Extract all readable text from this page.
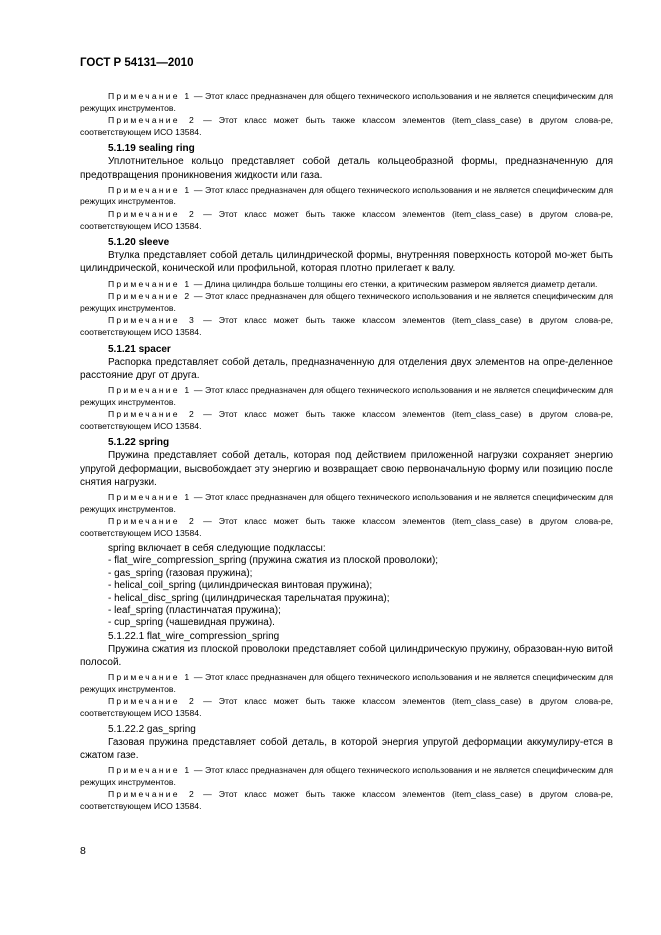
ГОСТ Р 54131—2010

Примечание 1 — Этот класс предназначен для общего технического использования и не является специфическим для режущих инструментов.

Примечание 2 — Этот класс может быть также классом элементов (item_class_case) в другом слова-ре, соответствующем ИСО 13584.

5.1.19 sealing ring

Уплотнительное кольцо представляет собой деталь кольцеобразной формы, предназначенную для предотвращения проникновения жидкости или газа.

Примечание 1 — Этот класс предназначен для общего технического использования и не является специфическим для режущих инструментов.

Примечание 2 — Этот класс может быть также классом элементов (item_class_case) в другом слова-ре, соответствующем ИСО 13584.

5.1.20 sleeve

Втулка представляет собой деталь цилиндрической формы, внутренняя поверхность которой мо-жет быть цилиндрической, конической или профильной, которая плотно прилегает к валу.

Примечание 1 — Длина цилиндра больше толщины его стенки, а критическим размером является диаметр детали.

Примечание 2 — Этот класс предназначен для общего технического использования и не является специфическим для режущих инструментов.

Примечание 3 — Этот класс может быть также классом элементов (item_class_case) в другом слова-ре, соответствующем ИСО 13584.

5.1.21 spacer

Распорка представляет собой деталь, предназначенную для отделения двух элементов на опре-деленное расстояние друг от друга.

Примечание 1 — Этот класс предназначен для общего технического использования и не является специфическим для режущих инструментов.

Примечание 2 — Этот класс может быть также классом элементов (item_class_case) в другом слова-ре, соответствующем ИСО 13584.

5.1.22 spring

Пружина представляет собой деталь, которая под действием приложенной нагрузки сохраняет энергию упругой деформации, высвобождает эту энергию и возвращает свою первоначальную форму или позицию после снятия нагрузки.

Примечание 1 — Этот класс предназначен для общего технического использования и не является специфическим для режущих инструментов.

Примечание 2 — Этот класс может быть также классом элементов (item_class_case) в другом слова-ре, соответствующем ИСО 13584.

spring включает в себя следующие подклассы:

- flat_wire_compression_spring (пружина сжатия из плоской проволоки);
- gas_spring (газовая пружина);
- helical_coil_spring (цилиндрическая винтовая пружина);
- helical_disc_spring (цилиндрическая тарельчатая пружина);
- leaf_spring (пластинчатая пружина);
- cup_spring (чашевидная пружина).

5.1.22.1 flat_wire_compression_spring

Пружина сжатия из плоской проволоки представляет собой цилиндрическую пружину, образован-ную витой полосой.

Примечание 1 — Этот класс предназначен для общего технического использования и не является специфическим для режущих инструментов.

Примечание 2 — Этот класс может быть также классом элементов (item_class_case) в другом слова-ре, соответствующем ИСО 13584.

5.1.22.2 gas_spring

Газовая пружина представляет собой деталь, в которой энергия упругой деформации аккумулиру-ется в сжатом газе.

Примечание 1 — Этот класс предназначен для общего технического использования и не является специфическим для режущих инструментов.

Примечание 2 — Этот класс может быть также классом элементов (item_class_case) в другом слова-ре, соответствующем ИСО 13584.

8
